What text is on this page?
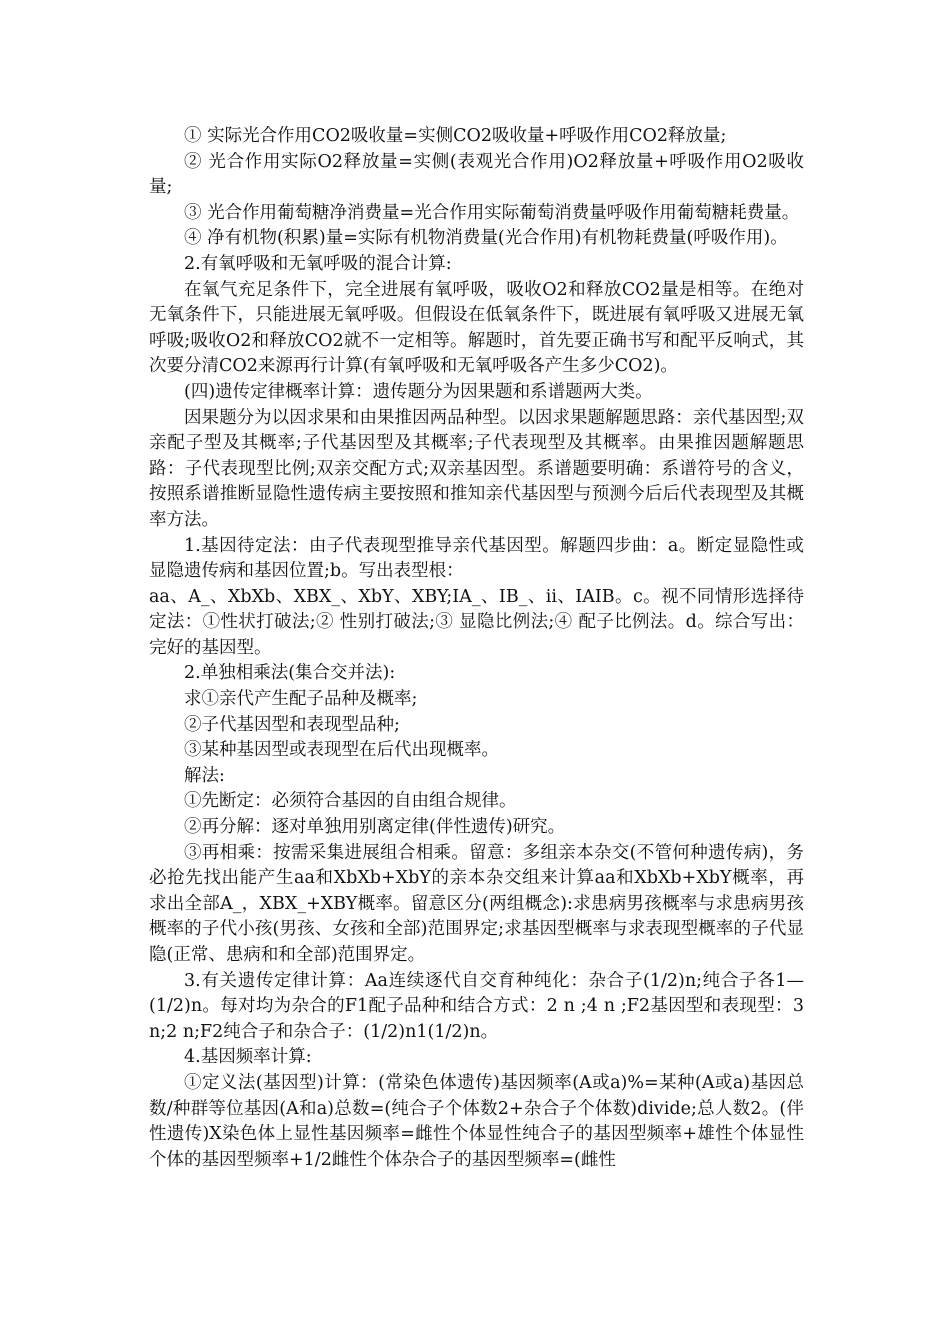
① 实际光合作用CO2吸收量=实侧CO2吸收量+呼吸作用CO2释放量;

② 光合作用实际O2释放量=实侧(表观光合作用)O2释放量+呼吸作用O2吸收量;

③ 光合作用葡萄糖净消费量=光合作用实际葡萄消费量呼吸作用葡萄糖耗费量。

④ 净有机物(积累)量=实际有机物消费量(光合作用)有机物耗费量(呼吸作用)。

2.有氧呼吸和无氧呼吸的混合计算:

在氧气充足条件下，完全进展有氧呼吸，吸收O2和释放CO2量是相等。在绝对无氧条件下，只能进展无氧呼吸。但假设在低氧条件下，既进展有氧呼吸又进展无氧呼吸;吸收O2和释放CO2就不一定相等。解题时，首先要正确书写和配平反响式，其次要分清CO2来源再行计算(有氧呼吸和无氧呼吸各产生多少CO2)。

(四)遗传定律概率计算：遗传题分为因果题和系谱题两大类。

因果题分为以因求果和由果推因两品种型。以因求果题解题思路：亲代基因型;双亲配子型及其概率;子代基因型及其概率;子代表现型及其概率。由果推因题解题思路：子代表现型比例;双亲交配方式;双亲基因型。系谱题要明确：系谱符号的含义，按照系谱推断显隐性遗传病主要按照和推知亲代基因型与预测今后后代表现型及其概率方法。

1.基因待定法：由子代表现型推导亲代基因型。解题四步曲：a。断定显隐性或显隐遗传病和基因位置;b。写出表型根：

aa、A_、XbXb、XBX_、XbY、XBY;IA_、IB_、ii、IAIB。c。视不同情形选择待定法：①性状打破法;② 性别打破法;③ 显隐比例法;④ 配子比例法。d。综合写出：完好的基因型。

2.单独相乘法(集合交并法):

求①亲代产生配子品种及概率;

②子代基因型和表现型品种;

③某种基因型或表现型在后代出现概率。

解法:

①先断定：必须符合基因的自由组合规律。

②再分解：逐对单独用别离定律(伴性遗传)研究。

③再相乘：按需采集进展组合相乘。留意：多组亲本杂交(不管何种遗传病)，务必抢先找出能产生aa和XbXb+XbY的亲本杂交组来计算aa和XbXb+XbY概率，再求出全部A_，XBX_+XBY概率。留意区分(两组概念):求患病男孩概率与求患病男孩概率的子代小孩(男孩、女孩和全部)范围界定;求基因型概率与求表现型概率的子代显隐(正常、患病和和全部)范围界定。

3.有关遗传定律计算：Aa连续逐代自交育种纯化：杂合子(1/2)n;纯合子各1—(1/2)n。每对均为杂合的F1配子品种和结合方式：2 n ;4 n ;F2基因型和表现型：3n;2 n;F2纯合子和杂合子：(1/2)n1(1/2)n。

4.基因频率计算:

①定义法(基因型)计算：(常染色体遗传)基因频率(A或a)%=某种(A或a)基因总数/种群等位基因(A和a)总数=(纯合子个体数2+杂合子个体数)divide;总人数2。(伴性遗传)X染色体上显性基因频率=雌性个体显性纯合子的基因型频率+雄性个体显性个体的基因型频率+1/2雌性个体杂合子的基因型频率=(雌性
